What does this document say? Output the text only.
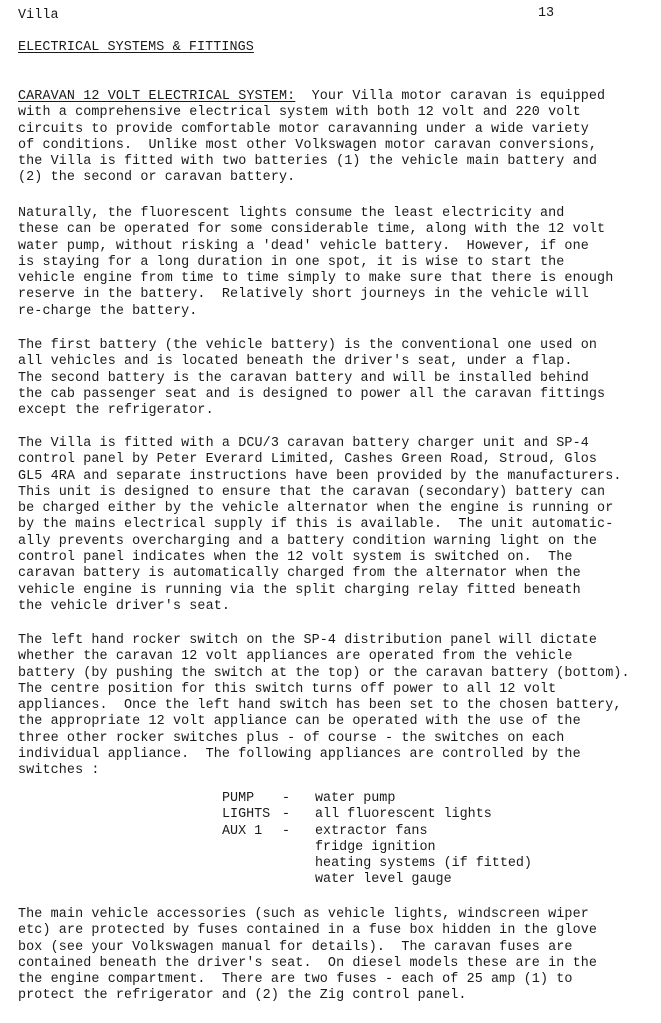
Villa	13
ELECTRICAL SYSTEMS & FITTINGS
CARAVAN 12 VOLT ELECTRICAL SYSTEM:  Your Villa motor caravan is equipped
with a comprehensive electrical system with both 12 volt and 220 volt
circuits to provide comfortable motor caravanning under a wide variety
of conditions.  Unlike most other Volkswagen motor caravan conversions,
the Villa is fitted with two batteries (1) the vehicle main battery and
(2) the second or caravan battery.
Naturally, the fluorescent lights consume the least electricity and
these can be operated for some considerable time, along with the 12 volt
water pump, without risking a 'dead' vehicle battery.  However, if one
is staying for a long duration in one spot, it is wise to start the
vehicle engine from time to time simply to make sure that there is enough
reserve in the battery.  Relatively short journeys in the vehicle will
re-charge the battery.
The first battery (the vehicle battery) is the conventional one used on
all vehicles and is located beneath the driver's seat, under a flap.
The second battery is the caravan battery and will be installed behind
the cab passenger seat and is designed to power all the caravan fittings
except the refrigerator.
The Villa is fitted with a DCU/3 caravan battery charger unit and SP-4
control panel by Peter Everard Limited, Cashes Green Road, Stroud, Glos
GL5 4RA and separate instructions have been provided by the manufacturers.
This unit is designed to ensure that the caravan (secondary) battery can
be charged either by the vehicle alternator when the engine is running or
by the mains electrical supply if this is available.  The unit automatic-
ally prevents overcharging and a battery condition warning light on the
control panel indicates when the 12 volt system is switched on.  The
caravan battery is automatically charged from the alternator when the
vehicle engine is running via the split charging relay fitted beneath
the vehicle driver's seat.
The left hand rocker switch on the SP-4 distribution panel will dictate
whether the caravan 12 volt appliances are operated from the vehicle
battery (by pushing the switch at the top) or the caravan battery (bottom).
The centre position for this switch turns off power to all 12 volt
appliances.  Once the left hand switch has been set to the chosen battery,
the appropriate 12 volt appliance can be operated with the use of the
three other rocker switches plus - of course - the switches on each
individual appliance.  The following appliances are controlled by the
switches :
PUMP	-	water pump
LIGHTS -	all fluorescent lights
AUX 1	-	extractor fans
fridge ignition
heating systems (if fitted)
water level gauge
The main vehicle accessories (such as vehicle lights, windscreen wiper
etc) are protected by fuses contained in a fuse box hidden in the glove
box (see your Volkswagen manual for details).  The caravan fuses are
contained beneath the driver's seat.  On diesel models these are in the
the engine compartment.  There are two fuses - each of 25 amp (1) to
protect the refrigerator and (2) the Zig control panel.
